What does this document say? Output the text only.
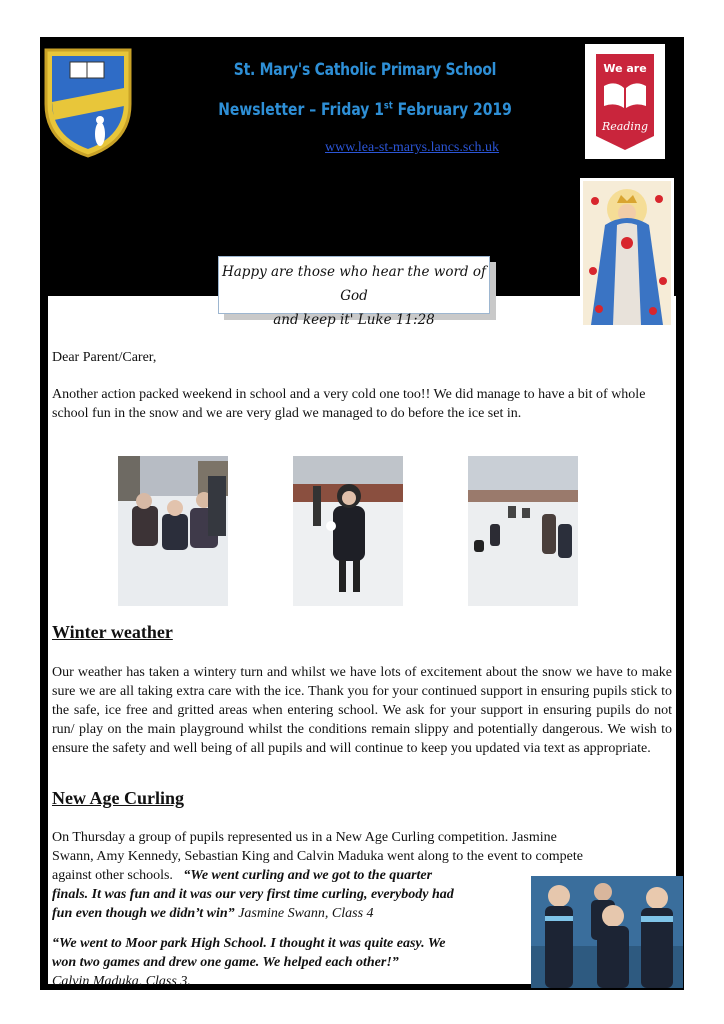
St. Mary's Catholic Primary School
Newsletter – Friday 1st February 2019
www.lea-st-marys.lancs.sch.uk
We are
Reading
Happy are those who hear the word of God
and keep it' Luke 11:28
Dear Parent/Carer,
Another action packed weekend in school and a very cold one too!! We did manage to have a bit of whole school fun in the snow and we are very glad we managed to do before the ice set in.
Winter weather
Our weather has taken a wintery turn and whilst we have lots of excitement about the snow we have to make sure we are all taking extra care with the ice. Thank you for your continued support in ensuring pupils stick to the safe, ice free and gritted areas when entering school. We ask for your support in ensuring pupils do not run/ play on the main playground whilst the conditions remain slippy and potentially dangerous. We wish to ensure the safety and well being of all pupils and will continue to keep you updated via text as appropriate.
New Age Curling
On Thursday a group of pupils represented us in a New Age Curling competition. Jasmine
Swann, Amy Kennedy, Sebastian King and Calvin Maduka went along to the event to compete
against other schools. “We went curling and we got to the quarter
finals. It was fun and it was our very first time curling, everybody had
fun even though we didn’t win” Jasmine Swann, Class 4
“We went to Moor park High School. I thought it was quite easy. We
won two games and drew one game. We helped each other!”
Calvin Maduka, Class 3.
